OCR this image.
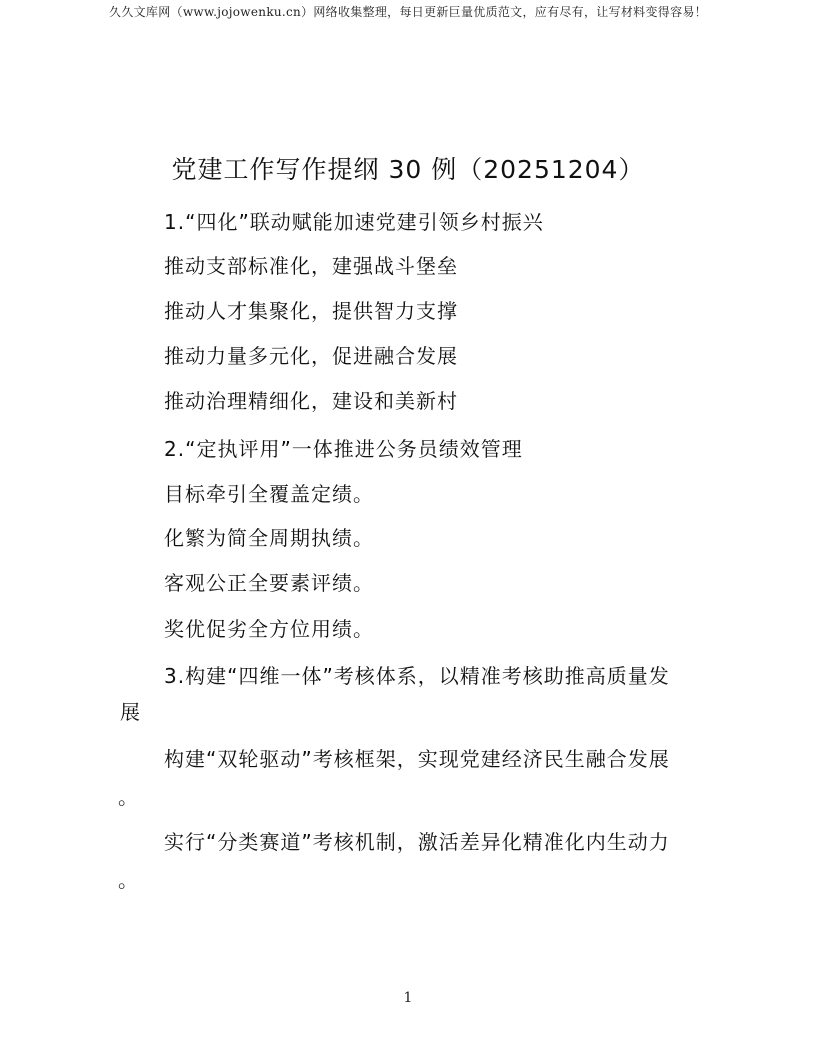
久久文库网（www.jojowenku.cn）网络收集整理，每日更新巨量优质范文，应有尽有，让写材料变得容易！
党建工作写作提纲 30 例（20251204）
1.“四化”联动赋能加速党建引领乡村振兴
推动支部标准化，建强战斗堡垒
推动人才集聚化，提供智力支撑
推动力量多元化，促进融合发展
推动治理精细化，建设和美新村
2.“定执评用”一体推进公务员绩效管理
目标牵引全覆盖定绩。
化繁为简全周期执绩。
客观公正全要素评绩。
奖优促劣全方位用绩。
3.构建“四维一体”考核体系，以精准考核助推高质量发
展
构建“双轮驱动”考核框架，实现党建经济民生融合发展
。
实行“分类赛道”考核机制，激活差异化精准化内生动力
。
1
